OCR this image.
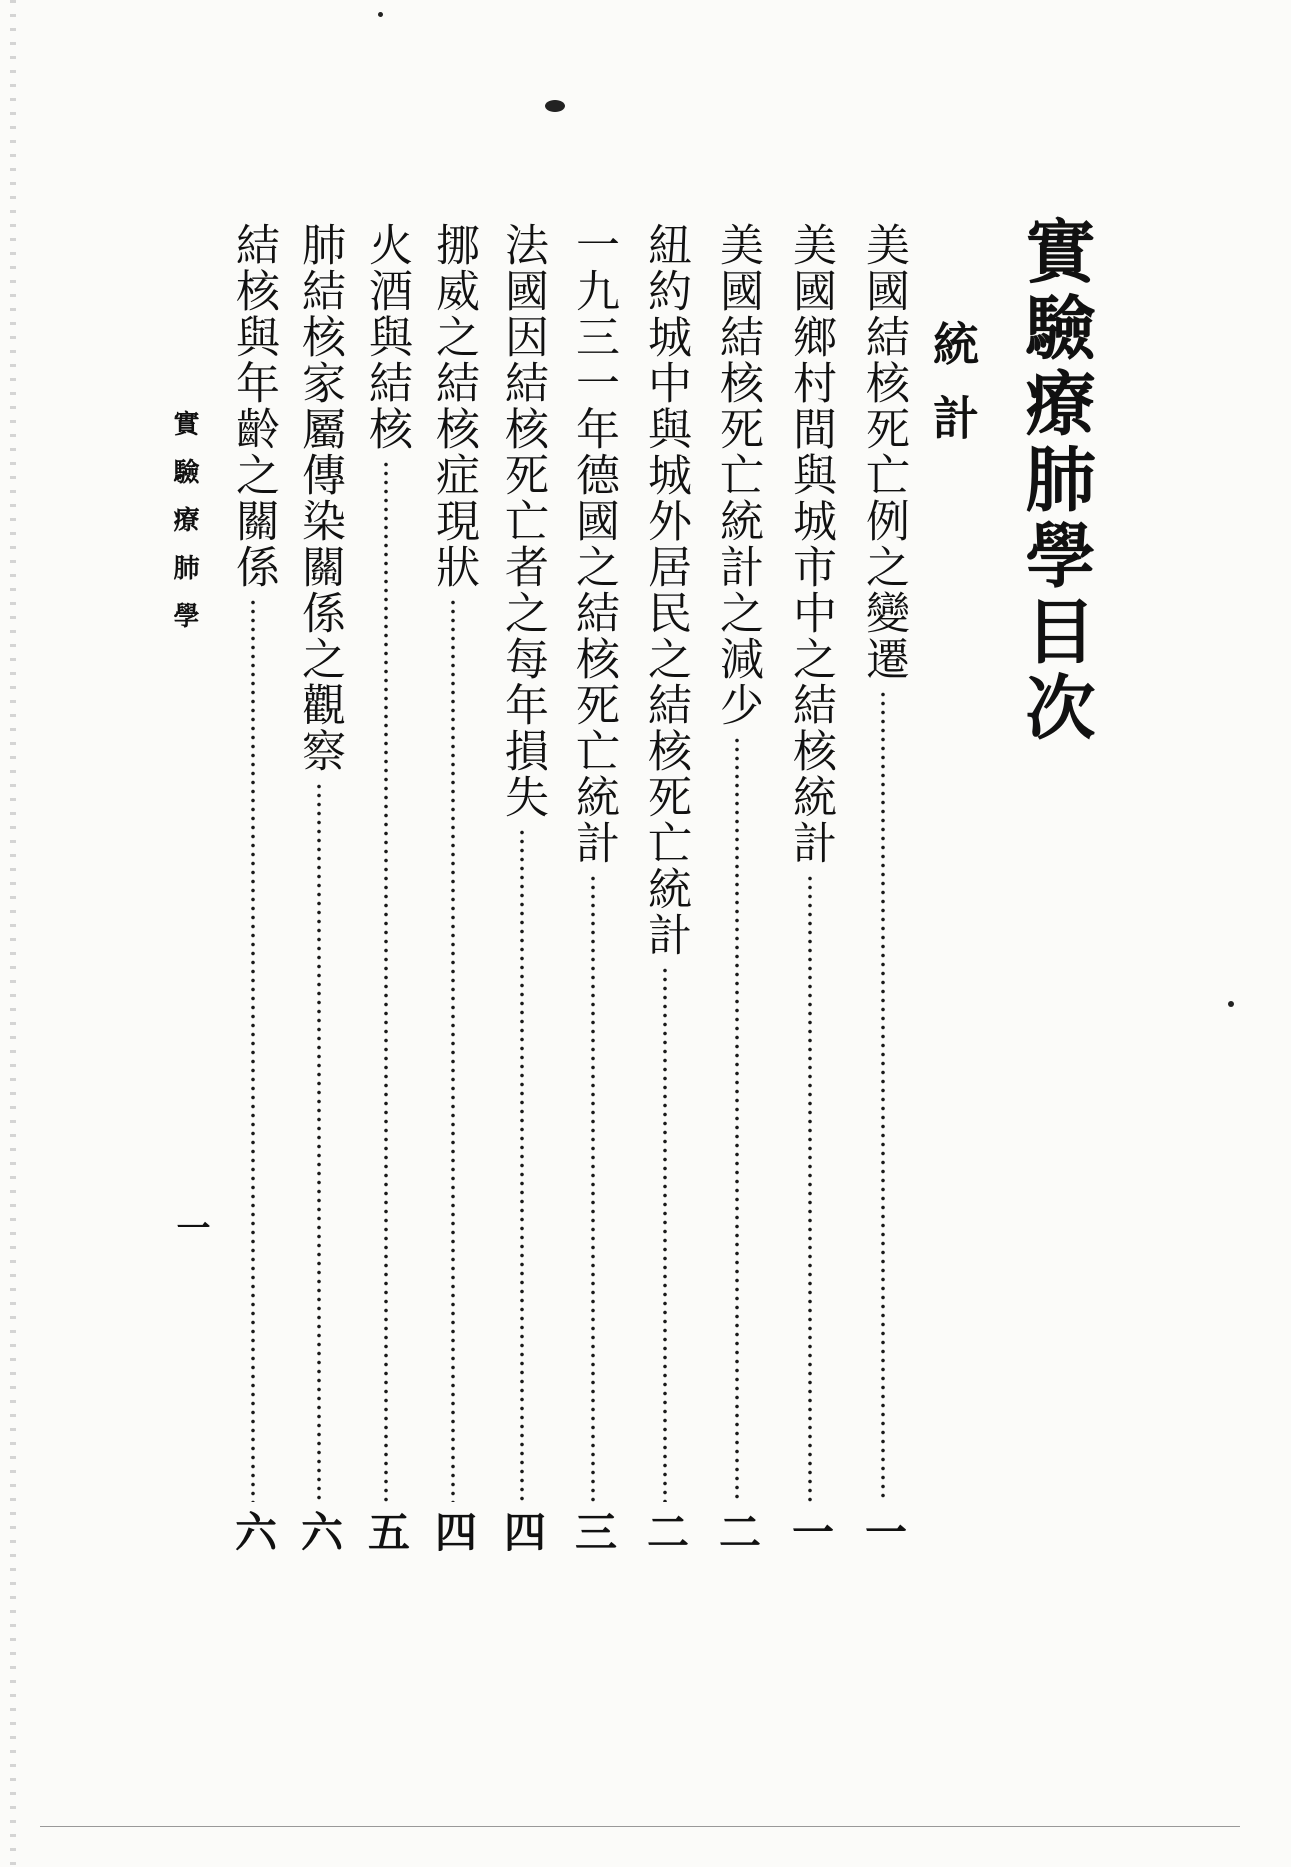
實驗療肺學目次
統計
實驗療肺學
一
美國結核死亡例之變遷
一
美國鄉村間與城市中之結核統計
一
美國結核死亡統計之減少
二
紐約城中與城外居民之結核死亡統計
二
一九三一年德國之結核死亡統計
三
法國因結核死亡者之每年損失
四
挪威之結核症現狀
四
火酒與結核
五
肺結核家屬傳染關係之觀察
六
結核與年齡之關係
六
